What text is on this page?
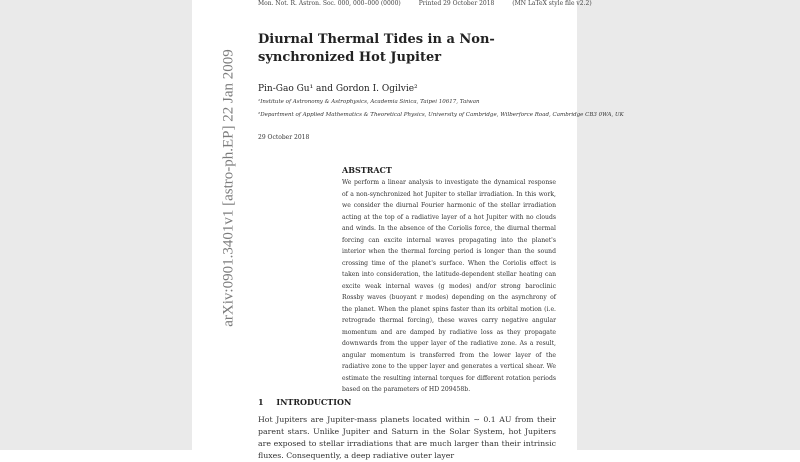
arXiv:0901.3401v1 [astro-ph.EP] 22 Jan 2009
Mon. Not. R. Astron. Soc. 000, 000–000 (0000)	Printed 29 October 2018	(MN LaTeX style file v2.2)
Diurnal Thermal Tides in a Non-synchronized Hot Jupiter
Pin-Gao Gu¹ and Gordon I. Ogilvie²
¹Institute of Astronomy & Astrophysics, Academia Sinica, Taipei 10617, Taiwan
²Department of Applied Mathematics & Theoretical Physics, University of Cambridge, Wilberforce Road, Cambridge CB3 0WA, UK
29 October 2018
ABSTRACT
We perform a linear analysis to investigate the dynamical response of a non-synchronized hot Jupiter to stellar irradiation. In this work, we consider the diurnal Fourier harmonic of the stellar irradiation acting at the top of a radiative layer of a hot Jupiter with no clouds and winds. In the absence of the Coriolis force, the diurnal thermal forcing can excite internal waves propagating into the planet's interior when the thermal forcing period is longer than the sound crossing time of the planet's surface. When the Coriolis effect is taken into consideration, the latitude-dependent stellar heating can excite weak internal waves (g modes) and/or strong baroclinic Rossby waves (buoyant r modes) depending on the asynchrony of the planet. When the planet spins faster than its orbital motion (i.e. retrograde thermal forcing), these waves carry negative angular momentum and are damped by radiative loss as they propagate downwards from the upper layer of the radiative zone. As a result, angular momentum is transferred from the lower layer of the radiative zone to the upper layer and generates a vertical shear. We estimate the resulting internal torques for different rotation periods based on the parameters of HD 209458b.
1 INTRODUCTION
Hot Jupiters are Jupiter-mass planets located within ∼ 0.1 AU from their parent stars. Unlike Jupiter and Saturn in the Solar System, hot Jupiters are exposed to stellar irradiations that are much larger than their intrinsic fluxes. Consequently, a deep radiative outer layer
